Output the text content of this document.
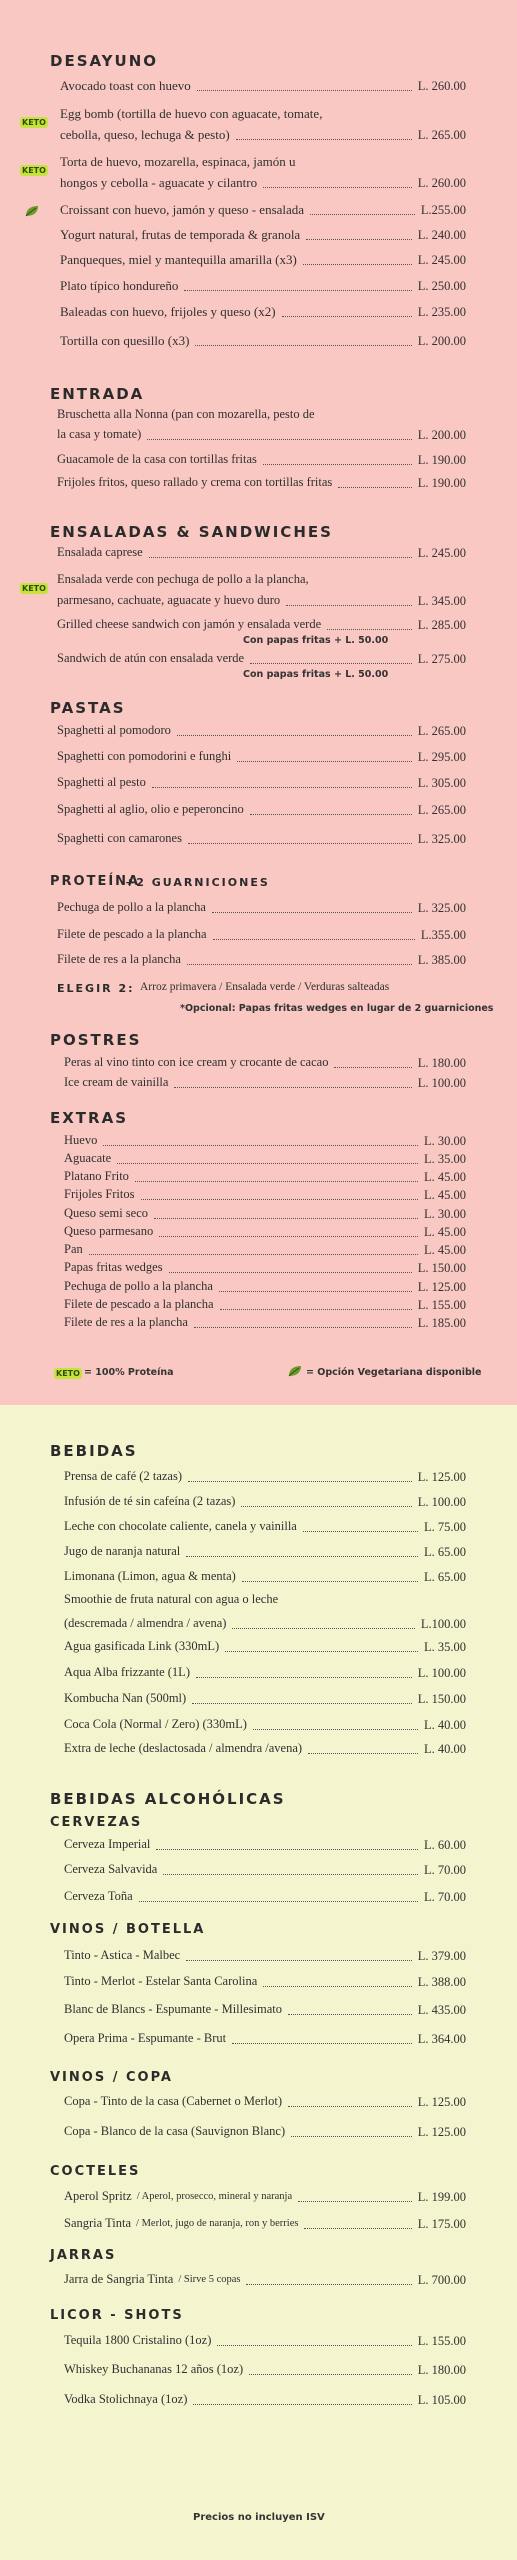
DESAYUNO
Avocado toast con huevo	L. 260.00
Egg bomb (tortilla de huevo con aguacate, tomate,
cebolla, queso, lechuga & pesto)	L. 265.00
KETO
Torta de huevo, mozarella, espinaca, jamón u
hongos y cebolla - aguacate y cilantro	L. 260.00
KETO
Croissant con huevo, jamón y queso - ensalada	L.255.00
Yogurt natural, frutas de temporada & granola	L. 240.00
Panqueques, miel y mantequilla amarilla (x3)	L. 245.00
Plato típico hondureño	L. 250.00
Baleadas con huevo, frijoles y queso (x2)	L. 235.00
Tortilla con quesillo (x3)	L. 200.00
ENTRADA
Bruschetta alla Nonna (pan con mozarella, pesto de
la casa y tomate)	L. 200.00
Guacamole de la casa con tortillas fritas	L. 190.00
Frijoles fritos, queso rallado y crema con tortillas fritas	L. 190.00
ENSALADAS & SANDWICHES
Ensalada caprese	L. 245.00
Ensalada verde con pechuga de pollo a la plancha,
parmesano, cachuate, aguacate y huevo duro	L. 345.00
KETO
Grilled cheese sandwich con jamón y ensalada verde	L. 285.00
Con papas fritas + L. 50.00
Sandwich de atún con ensalada verde	L. 275.00
Con papas fritas + L. 50.00
PASTAS
Spaghetti al pomodoro	L. 265.00
Spaghetti con pomodorini e funghi	L. 295.00
Spaghetti al pesto	L. 305.00
Spaghetti al aglio, olio e peperoncino	L. 265.00
Spaghetti con camarones	L. 325.00
PROTEÍNA
+2 GUARNICIONES
Pechuga de pollo a la plancha	L. 325.00
Filete de pescado a la plancha	L.355.00
Filete de res a la plancha	L. 385.00
ELEGIR 2: Arroz primavera / Ensalada verde / Verduras salteadas
*Opcional: Papas fritas wedges en lugar de 2 guarniciones
POSTRES
Peras al vino tinto con ice cream y crocante de cacao	L. 180.00
Ice cream de vainilla	L. 100.00
EXTRAS
Huevo	L. 30.00
Aguacate	L. 35.00
Platano Frito	L. 45.00
Frijoles Fritos	L. 45.00
Queso semi seco	L. 30.00
Queso parmesano	L. 45.00
Pan	L. 45.00
Papas fritas wedges	L. 150.00
Pechuga de pollo a la plancha	L. 125.00
Filete de pescado a la plancha	L. 155.00
Filete de res a la plancha	L. 185.00
KETO = 100% Proteína	= Opción Vegetariana disponible
BEBIDAS
Prensa de café (2 tazas)	L. 125.00
Infusión de té sin cafeína (2 tazas)	L. 100.00
Leche con chocolate caliente, canela y vainilla	L. 75.00
Jugo de naranja natural	L. 65.00
Limonana (Limon, agua & menta)	L. 65.00
Smoothie de fruta natural con agua o leche
(descremada / almendra / avena)	L.100.00
Agua gasificada Link (330mL)	L. 35.00
Aqua Alba frizzante (1L)	L. 100.00
Kombucha Nan (500ml)	L. 150.00
Coca Cola (Normal / Zero) (330mL)	L. 40.00
Extra de leche (deslactosada / almendra /avena)	L. 40.00
BEBIDAS ALCOHÓLICAS
CERVEZAS
Cerveza Imperial	L. 60.00
Cerveza Salvavida	L. 70.00
Cerveza Toña	L. 70.00
VINOS / BOTELLA
Tinto - Astica - Malbec	L. 379.00
Tinto - Merlot - Estelar Santa Carolina	L. 388.00
Blanc de Blancs - Espumante - Millesimato	L. 435.00
Opera Prima - Espumante - Brut	L. 364.00
VINOS / COPA
Copa - Tinto de la casa (Cabernet o Merlot)	L. 125.00
Copa - Blanco de la casa (Sauvignon Blanc)	L. 125.00
COCTELES
Aperol Spritz / Aperol, prosecco, mineral y naranja	L. 199.00
Sangria Tinta / Merlot, jugo de naranja, ron y berries	L. 175.00
JARRAS
Jarra de Sangria Tinta / Sirve 5 copas	L. 700.00
LICOR - SHOTS
Tequila 1800 Cristalino (1oz)	L. 155.00
Whiskey Buchananas 12 años (1oz)	L. 180.00
Vodka Stolichnaya (1oz)	L. 105.00
Precios no incluyen ISV
